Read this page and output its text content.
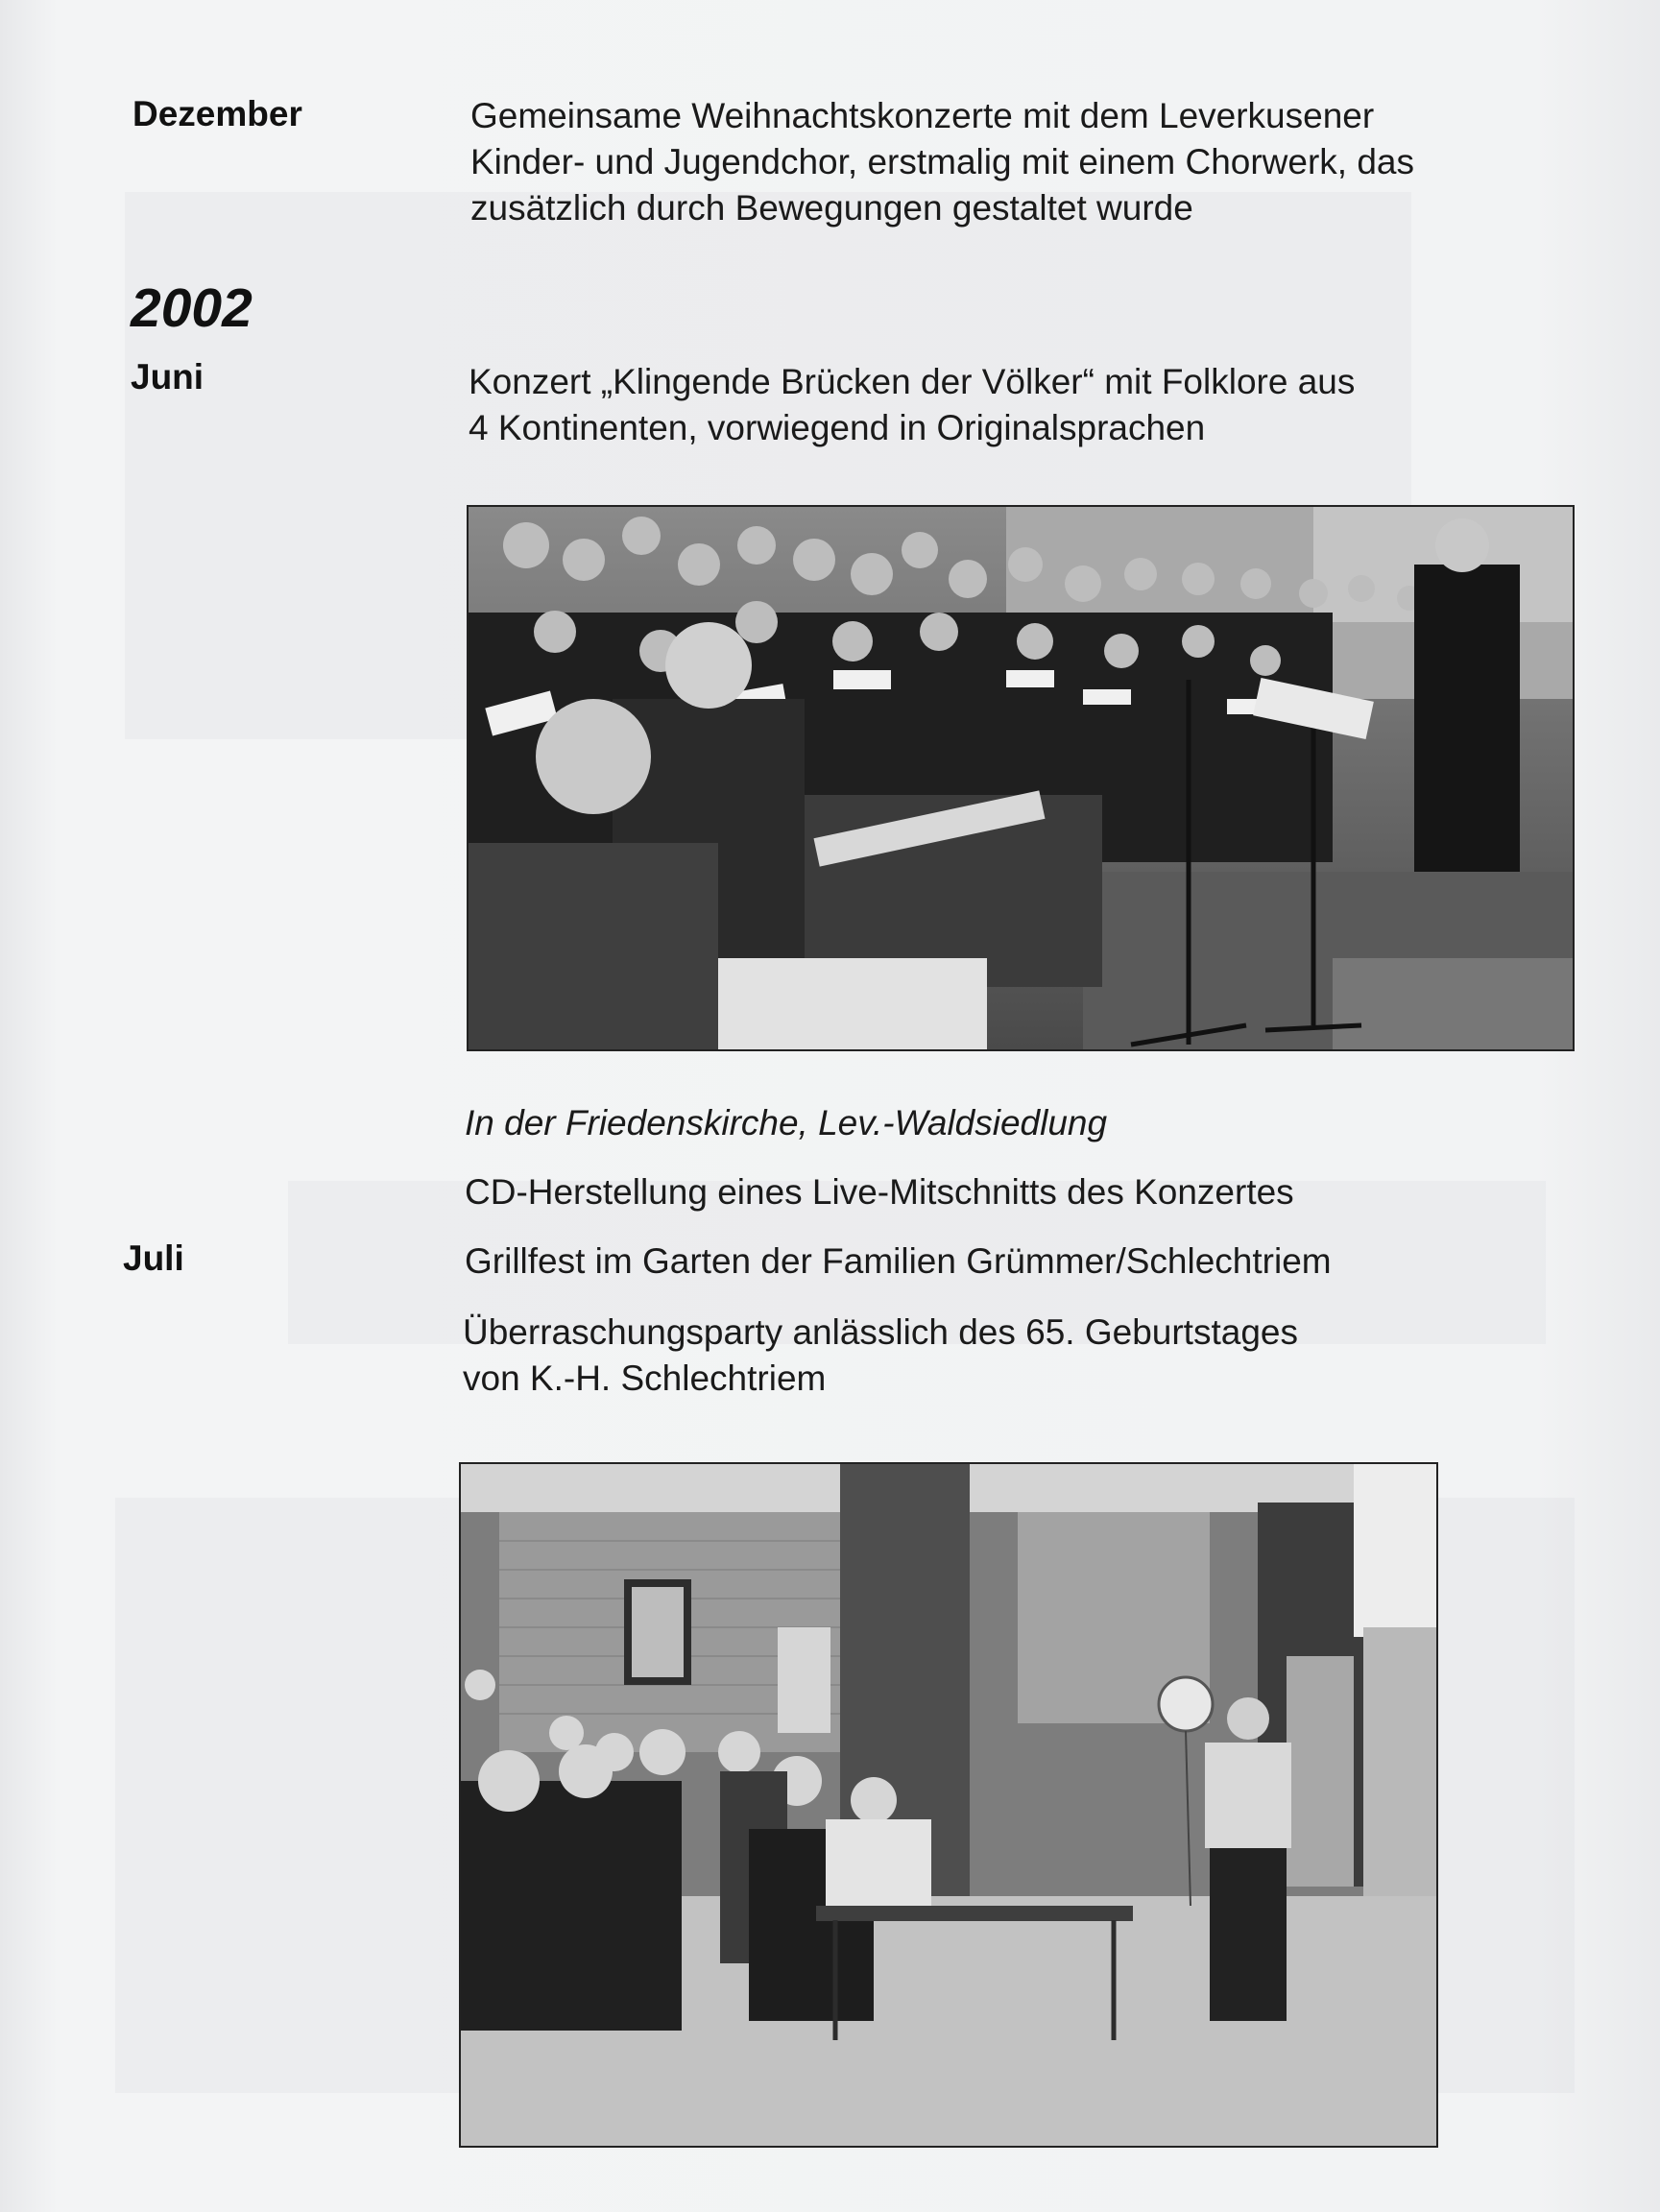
Dezember	Gemeinsame Weihnachtskonzerte mit dem Leverkusener
Kinder- und Jugendchor, erstmalig mit einem Chorwerk, das
zusätzlich durch Bewegungen gestaltet wurde
2002
Juni	Konzert „Klingende Brücken der Völker“ mit Folklore aus
4 Kontinenten, vorwiegend in Originalsprachen
In der Friedenskirche, Lev.-Waldsiedlung
CD-Herstellung eines Live-Mitschnitts des Konzertes
Juli	Grillfest im Garten der Familien Grümmer/Schlechtriem
Überraschungsparty anlässlich des 65. Geburtstages
von K.-H. Schlechtriem
